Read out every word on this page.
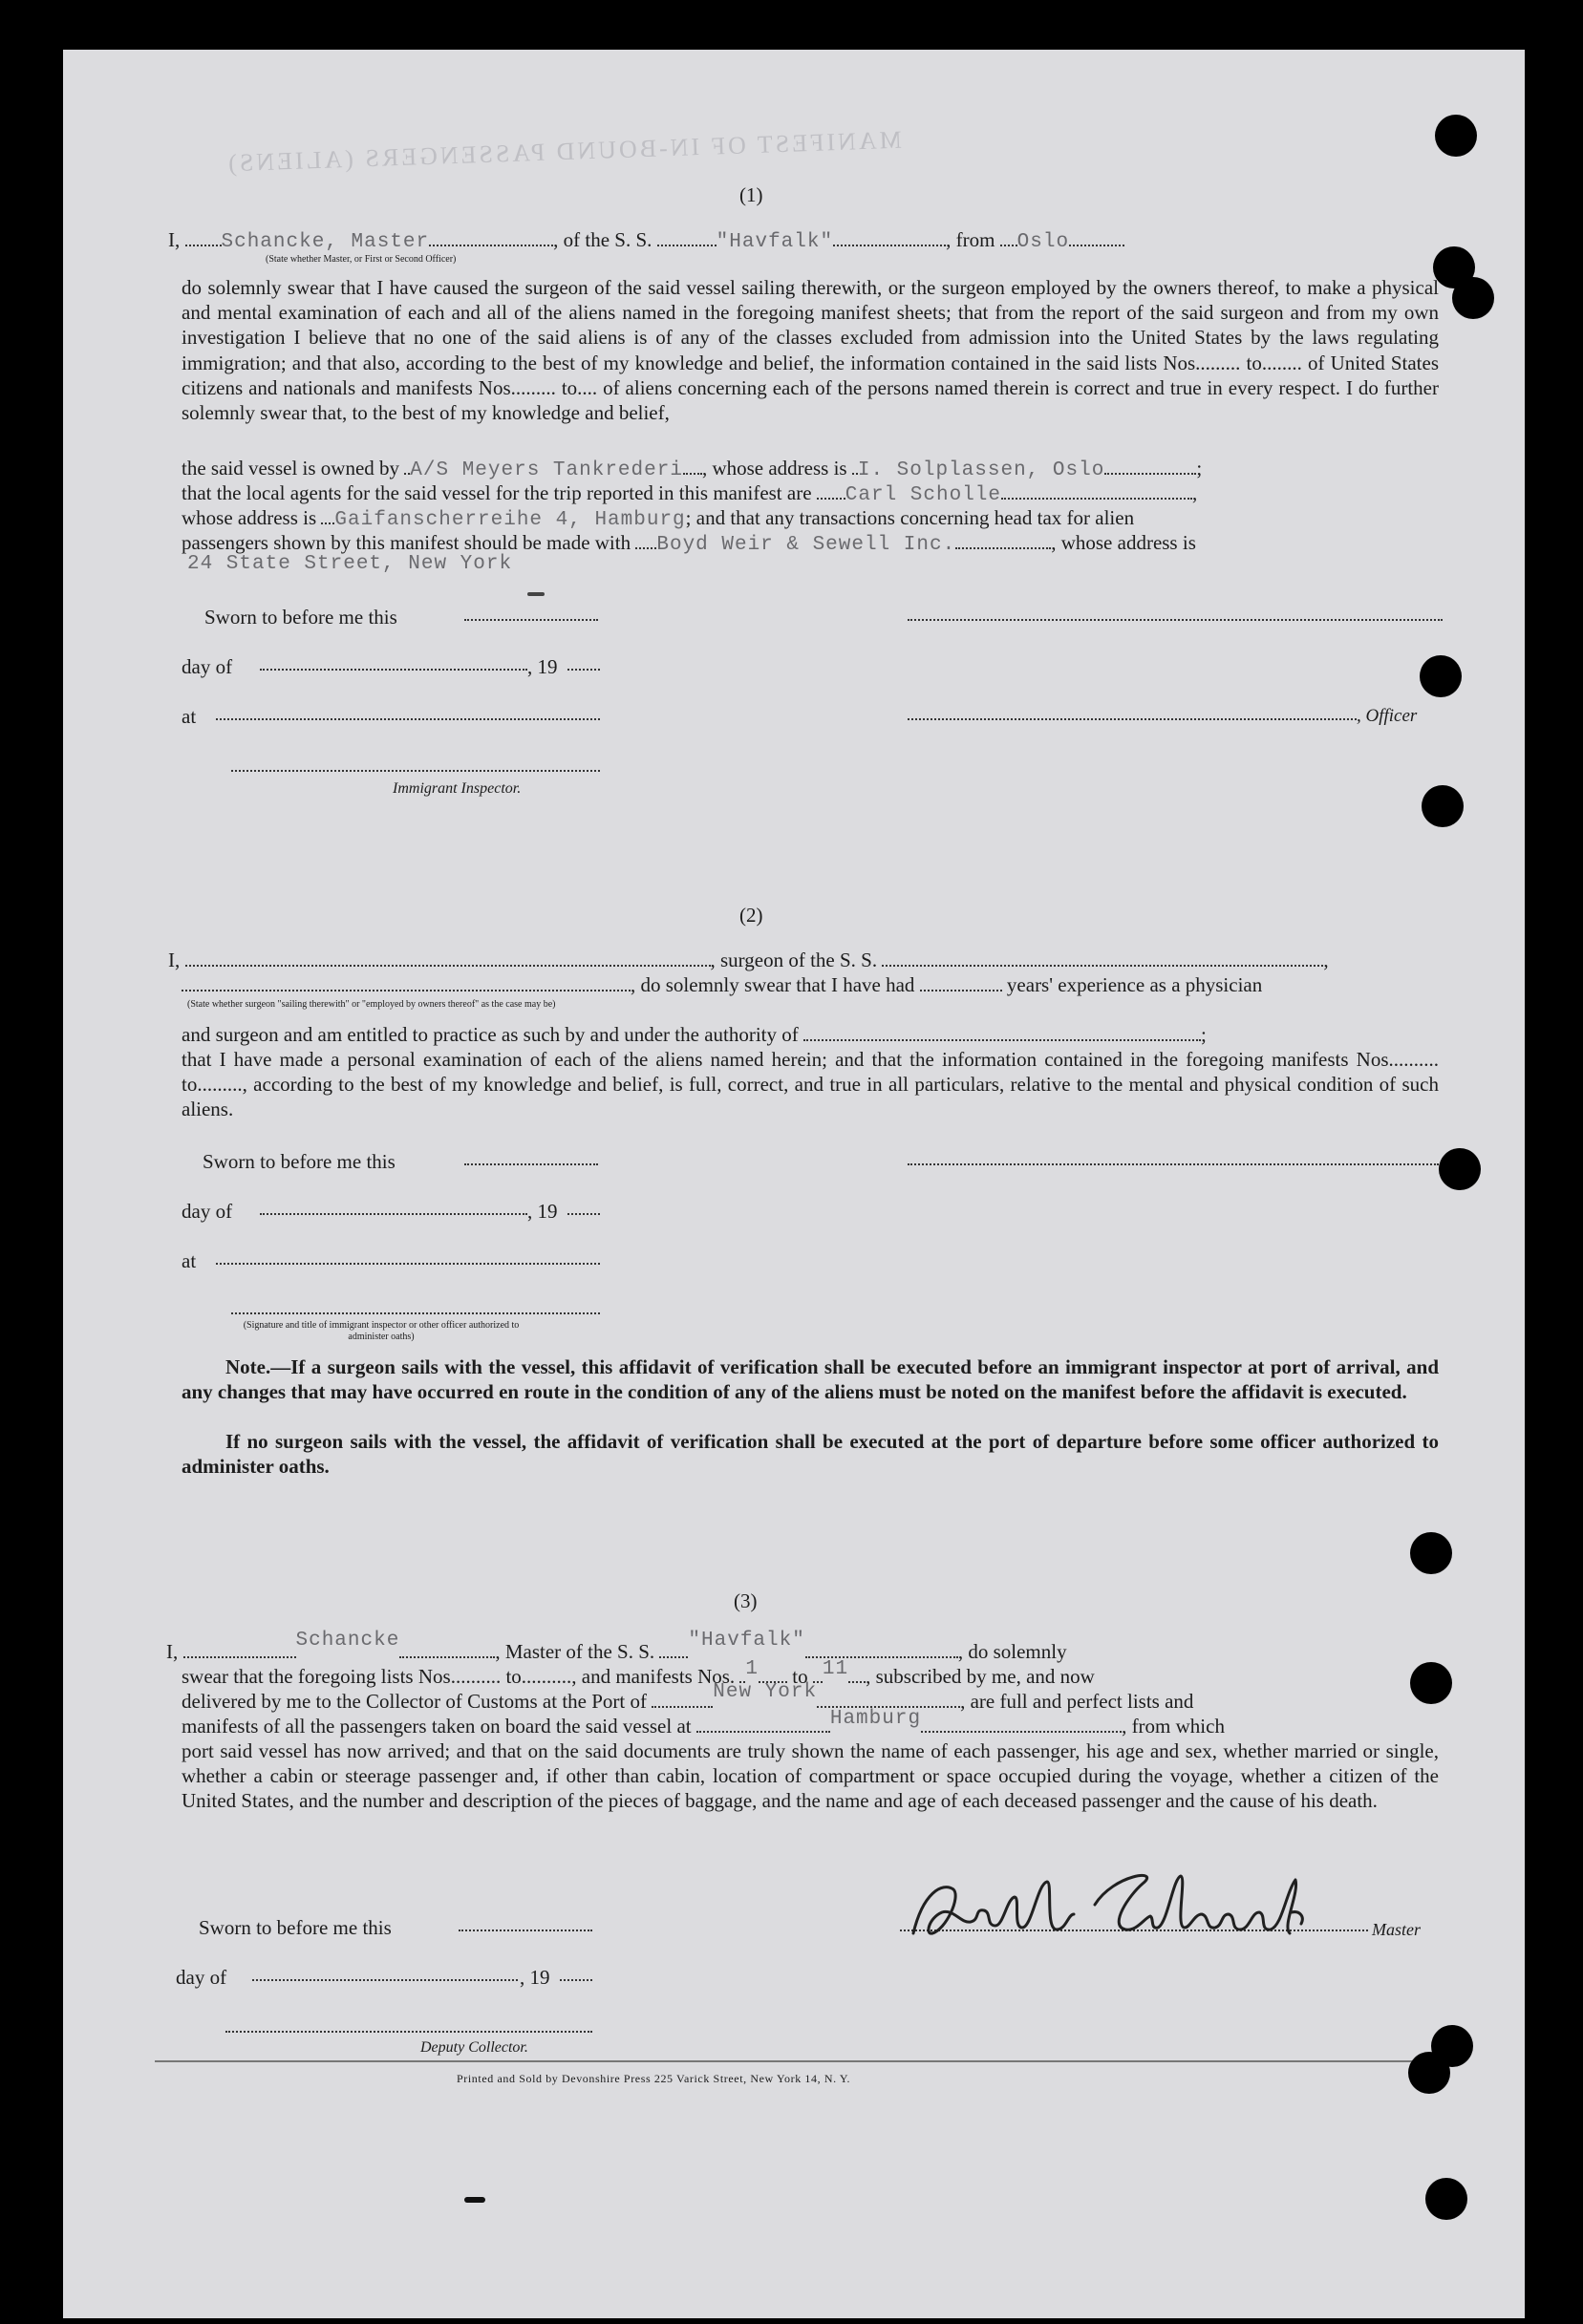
MANIFEST OF IN-BOUND PASSENGERS (ALIENS)
(1)
I, Schancke, Master	, of the S. S.	"Havfalk"	, from Oslo
(State whether Master, or First or Second Officer)
do solemnly swear that I have caused the surgeon of the said vessel sailing therewith, or the surgeon employed by the owners thereof, to make a physical and mental examination of each and all of the aliens named in the foregoing manifest sheets; that from the report of the said surgeon and from my own investigation I believe that no one of the said aliens is of any of the classes excluded from admission into the United States by the laws regulating immigration; and that also, according to the best of my knowledge and belief, the information contained in the said lists Nos......... to........ of United States citizens and nationals and manifests Nos......... to.... of aliens concerning each of the persons named therein is correct and true in every respect. I do further solemnly swear that, to the best of my knowledge and belief,
the said vessel is owned by A/S Meyers Tankrederi , whose address is I. Solplassen, Oslo	;
that the local agents for the said vessel for the trip reported in this manifest are Carl Scholle	,
whose address is Gaifanscherreihe 4, Hamburg; and that any transactions concerning head tax for alien
passengers shown by this manifest should be made with Boyd Weir & Sewell Inc.	, whose address is
24 State Street, New York
Sworn to before me this
day of	, 19
at	, Officer
Immigrant Inspector.
(2)
I,	, surgeon of the S. S.	,
, do solemnly swear that I have had	years' experience as a physician
(State whether surgeon "sailing therewith" or "employed by owners thereof" as the case may be)
and surgeon and am entitled to practice as such by and under the authority of	;
that I have made a personal examination of each of the aliens named herein; and that the information contained in the foregoing manifests Nos.......... to........., according to the best of my knowledge and belief, is full, correct, and true in all particulars, relative to the mental and physical condition of such aliens.
Sworn to before me this
day of	, 19
at
(Signature and title of immigrant inspector or other officer authorized to administer oaths)
Note.—If a surgeon sails with the vessel, this affidavit of verification shall be executed before an immigrant inspector at port of arrival, and any changes that may have occurred en route in the condition of any of the aliens must be noted on the manifest before the affidavit is executed.
If no surgeon sails with the vessel, the affidavit of verification shall be executed at the port of departure before some officer authorized to administer oaths.
(3)
I,	Schancke	, Master of the S. S. "Havfalk"	, do solemnly
swear that the foregoing lists Nos.......... to.........., and manifests Nos. 1 to 11 , subscribed by me, and now
delivered by me to the Collector of Customs at the Port of	New York	, are full and perfect lists and
manifests of all the passengers taken on board the said vessel at	Hamburg	, from which
port said vessel has now arrived; and that on the said documents are truly shown the name of each passenger, his age and sex, whether married or single, whether a cabin or steerage passenger and, if other than cabin, location of compartment or space occupied during the voyage, whether a citizen of the United States, and the number and description of the pieces of baggage, and the name and age of each deceased passenger and the cause of his death.
Sworn to before me this	Master
day of	, 19
Deputy Collector.
Printed and Sold by Devonshire Press 225 Varick Street, New York 14, N. Y.
